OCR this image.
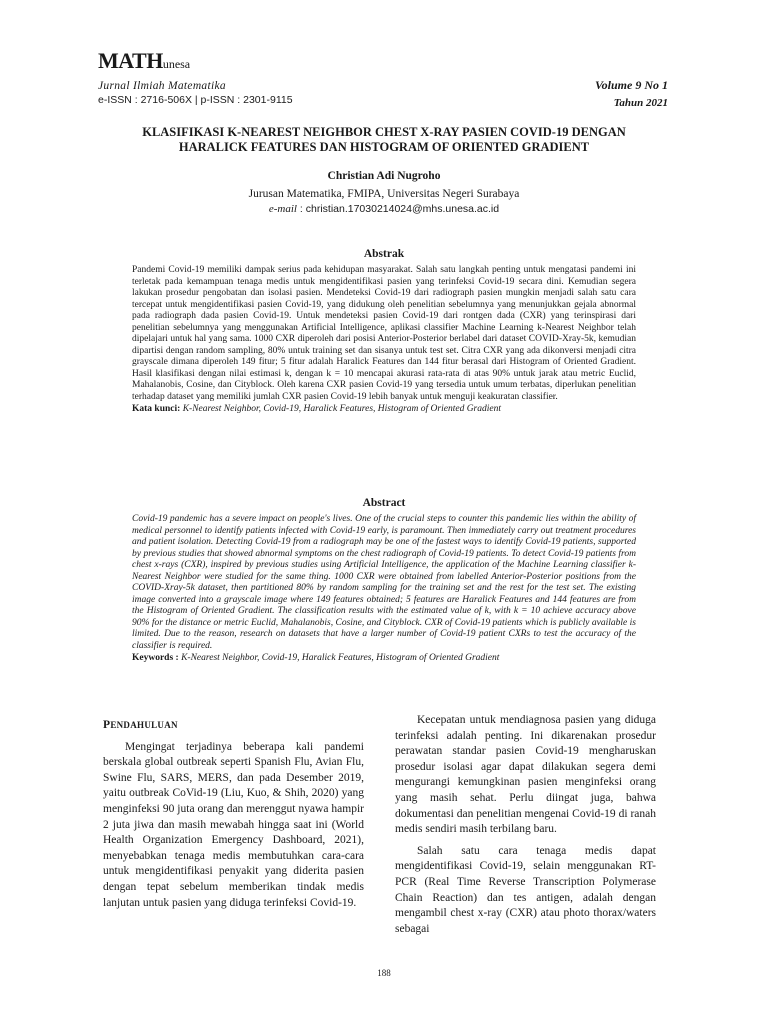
MATHunesa
Jurnal Ilmiah Matematika
e-ISSN : 2716-506X | p-ISSN : 2301-9115
Volume 9 No 1
Tahun 2021
KLASIFIKASI K-NEAREST NEIGHBOR CHEST X-RAY PASIEN COVID-19 DENGAN
HARALICK FEATURES DAN HISTOGRAM OF ORIENTED GRADIENT
Christian Adi Nugroho
Jurusan Matematika, FMIPA, Universitas Negeri Surabaya
e-mail : christian.17030214024@mhs.unesa.ac.id
Abstrak
Pandemi Covid-19 memiliki dampak serius pada kehidupan masyarakat. Salah satu langkah penting untuk mengatasi pandemi ini terletak pada kemampuan tenaga medis untuk mengidentifikasi pasien yang terinfeksi Covid-19 secara dini. Kemudian segera lakukan prosedur pengobatan dan isolasi pasien. Mendeteksi Covid-19 dari radiograph pasien mungkin menjadi salah satu cara tercepat untuk mengidentifikasi pasien Covid-19, yang didukung oleh penelitian sebelumnya yang menunjukkan gejala abnormal pada radiograph dada pasien Covid-19. Untuk mendeteksi pasien Covid-19 dari rontgen dada (CXR) yang terinspirasi dari penelitian sebelumnya yang menggunakan Artificial Intelligence, aplikasi classifier Machine Learning k-Nearest Neighbor telah dipelajari untuk hal yang sama. 1000 CXR diperoleh dari posisi Anterior-Posterior berlabel dari dataset COVID-Xray-5k, kemudian dipartisi dengan random sampling, 80% untuk training set dan sisanya untuk test set. Citra CXR yang ada dikonversi menjadi citra grayscale dimana diperoleh 149 fitur; 5 fitur adalah Haralick Features dan 144 fitur berasal dari Histogram of Oriented Gradient. Hasil klasifikasi dengan nilai estimasi k, dengan k = 10 mencapai akurasi rata-rata di atas 90% untuk jarak atau metric Euclid, Mahalanobis, Cosine, dan Cityblock. Oleh karena CXR pasien Covid-19 yang tersedia untuk umum terbatas, diperlukan penelitian terhadap dataset yang memiliki jumlah CXR pasien Covid-19 lebih banyak untuk menguji keakuratan classifier.
Kata kunci: K-Nearest Neighbor, Covid-19, Haralick Features, Histogram of Oriented Gradient
Abstract
Covid-19 pandemic has a severe impact on people's lives. One of the crucial steps to counter this pandemic lies within the ability of medical personnel to identify patients infected with Covid-19 early, is paramount. Then immediately carry out treatment procedures and patient isolation. Detecting Covid-19 from a radiograph may be one of the fastest ways to identify Covid-19 patients, supported by previous studies that showed abnormal symptoms on the chest radiograph of Covid-19 patients. To detect Covid-19 patients from chest x-rays (CXR), inspired by previous studies using Artificial Intelligence, the application of the Machine Learning classifier k-Nearest Neighbor were studied for the same thing. 1000 CXR were obtained from labelled Anterior-Posterior positions from the COVID-Xray-5k dataset, then partitioned 80% by random sampling for the training set and the rest for the test set. The existing image converted into a grayscale image where 149 features obtained; 5 features are Haralick Features and 144 features are from the Histogram of Oriented Gradient. The classification results with the estimated value of k, with k = 10 achieve accuracy above 90% for the distance or metric Euclid, Mahalanobis, Cosine, and Cityblock. CXR of Covid-19 patients which is publicly available is limited. Due to the reason, research on datasets that have a larger number of Covid-19 patient CXRs to test the accuracy of the classifier is required.
Keywords : K-Nearest Neighbor, Covid-19, Haralick Features, Histogram of Oriented Gradient
PENDAHULUAN

Mengingat terjadinya beberapa kali pandemi berskala global outbreak seperti Spanish Flu, Avian Flu, Swine Flu, SARS, MERS, dan pada Desember 2019, yaitu outbreak CoVid-19 (Liu, Kuo, & Shih, 2020) yang menginfeksi 90 juta orang dan merenggut nyawa hampir 2 juta jiwa dan masih mewabah hingga saat ini (World Health Organization Emergency Dashboard, 2021), menyebabkan tenaga medis membutuhkan cara-cara untuk mengidentifikasi penyakit yang diderita pasien dengan tepat sebelum memberikan tindak medis lanjutan untuk pasien yang diduga terinfeksi Covid-19.

Kecepatan untuk mendiagnosa pasien yang diduga terinfeksi adalah penting. Ini dikarenakan prosedur perawatan standar pasien Covid-19 mengharuskan prosedur isolasi agar dapat dilakukan segera demi mengurangi kemungkinan pasien menginfeksi orang yang masih sehat. Perlu diingat juga, bahwa dokumentasi dan penelitian mengenai Covid-19 di ranah medis sendiri masih terbilang baru.

Salah satu cara tenaga medis dapat mengidentifikasi Covid-19, selain menggunakan RT-PCR (Real Time Reverse Transcription Polymerase Chain Reaction) dan tes antigen, adalah dengan mengambil chest x-ray (CXR) atau photo thorax/waters sebagai

188
